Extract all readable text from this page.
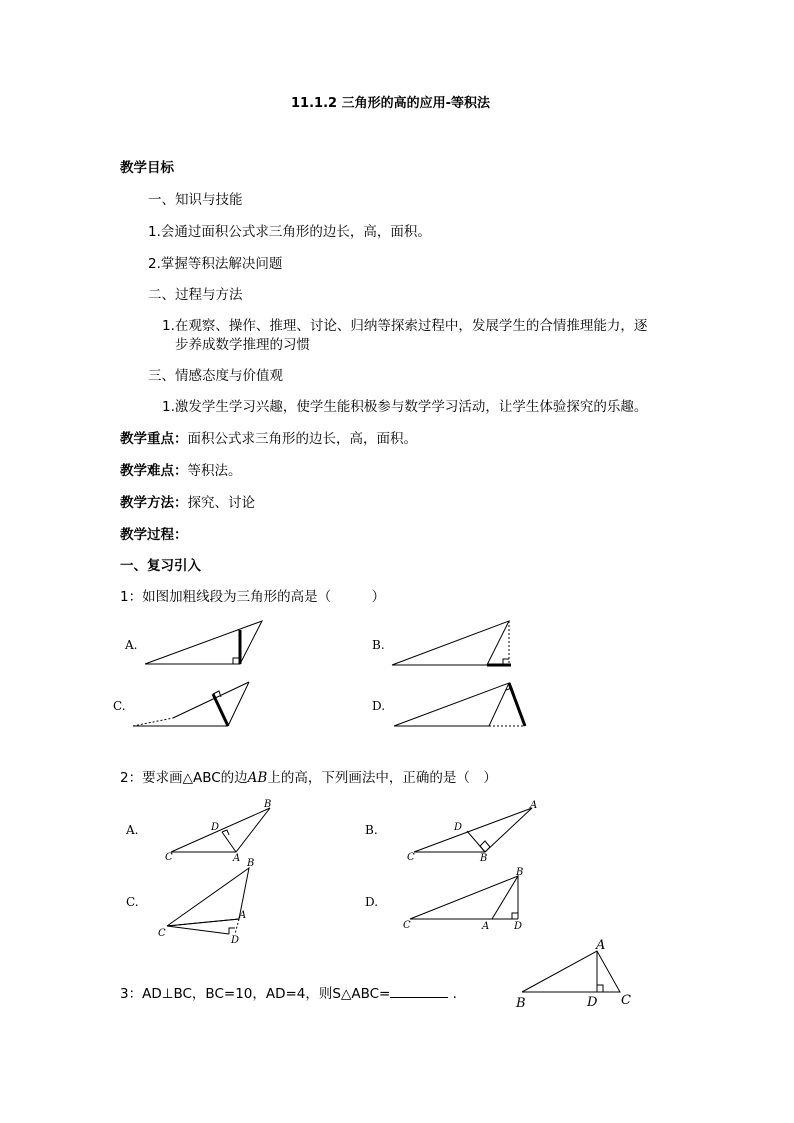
11.1.2 三角形的高的应用-等积法
教学目标
一、知识与技能
1.会通过面积公式求三角形的边长，高，面积。
2.掌握等积法解决问题
二、过程与方法
1.在观察、操作、推理、讨论、归纳等探索过程中，发展学生的合情推理能力，逐
步养成数学推理的习惯
三、情感态度与价值观
1.激发学生学习兴趣，使学生能积极参与数学学习活动，让学生体验探究的乐趣。
教学重点：面积公式求三角形的边长，高，面积。
教学难点：等积法。
教学方法：探究、讨论
教学过程：
一、复习引入
1：如图加粗线段为三角形的高是（　　　）
A.	B.
C.	D.
2：要求画△ABC的边AB上的高，下列画法中，正确的是（　）
A.
B
D
C	A
B.
A
D
C	B
C.
B
A
C
D
D.
B
C	A D
3：AD⊥BC，BC=10，AD=4，则S△ABC=	.
A
B	D C
